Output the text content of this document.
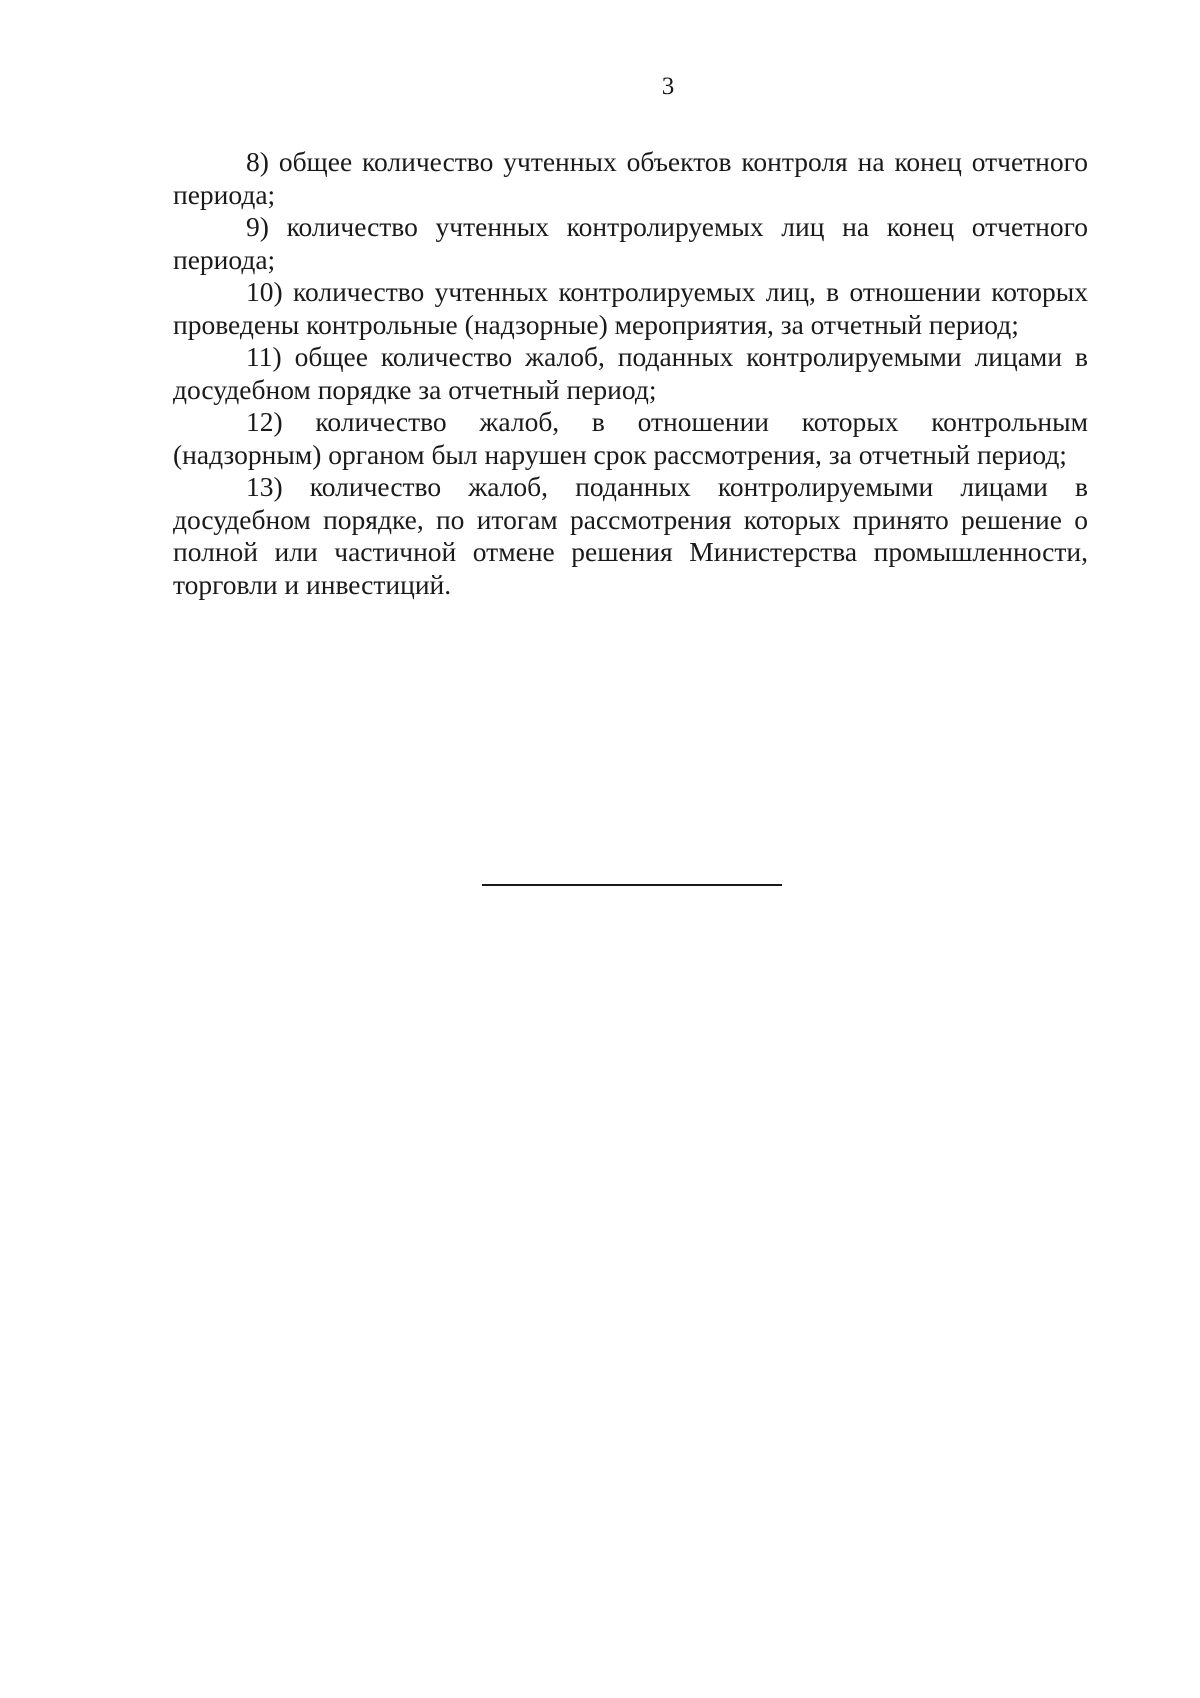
3

8) общее количество учтенных объектов контроля на конец отчетного периода;

9) количество учтенных контролируемых лиц на конец отчетного периода;

10) количество учтенных контролируемых лиц, в отношении которых проведены контрольные (надзорные) мероприятия, за отчетный период;

11) общее количество жалоб, поданных контролируемыми лицами в досудебном порядке за отчетный период;

12) количество жалоб, в отношении которых контрольным (надзорным) органом был нарушен срок рассмотрения, за отчетный период;

13) количество жалоб, поданных контролируемыми лицами в досудебном порядке, по итогам рассмотрения которых принято решение о полной или частичной отмене решения Министерства промышленности, торговли и инвестиций.
